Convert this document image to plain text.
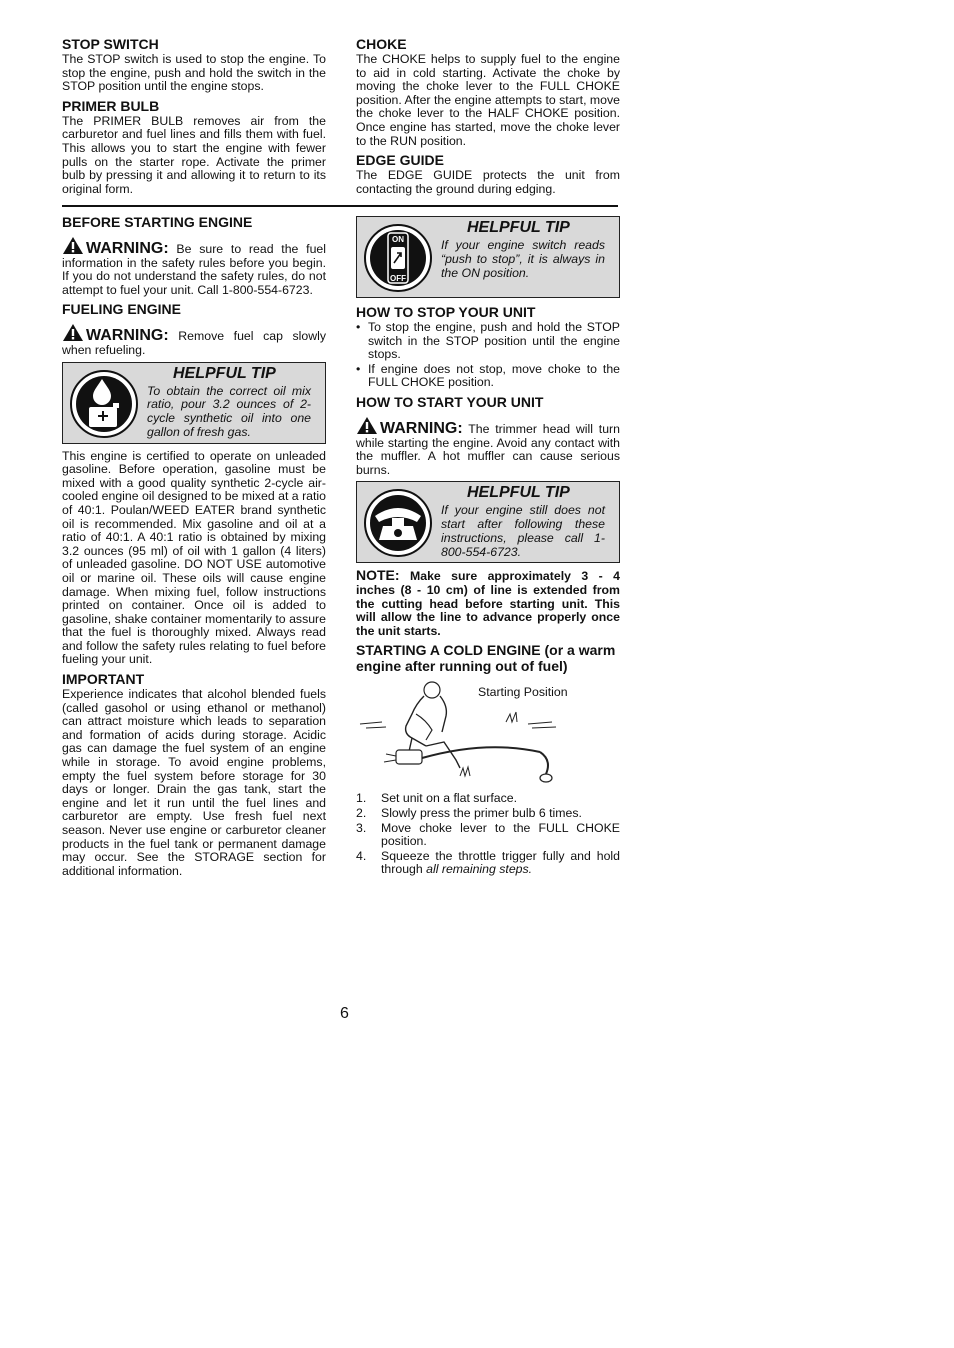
STOP SWITCH

The STOP switch is used to stop the engine. To stop the engine, push and hold the switch in the STOP position until the engine stops.

PRIMER BULB

The PRIMER BULB removes air from the carburetor and fuel lines and fills them with fuel. This allows you to start the engine with fewer pulls on the starter rope. Activate the primer bulb by pressing it and allowing it to return to its original form.

CHOKE

The CHOKE helps to supply fuel to the engine to aid in cold starting. Activate the choke by moving the choke lever to the FULL CHOKE position. After the engine attempts to start, move the choke lever to the HALF CHOKE position. Once engine has started, move the choke lever to the RUN position.

EDGE GUIDE

The EDGE GUIDE protects the unit from contacting the ground during edging.

BEFORE STARTING ENGINE

WARNING: Be sure to read the fuel information in the safety rules before you begin. If you do not understand the safety rules, do not attempt to fuel your unit. Call 1-800-554-6723.

FUELING ENGINE

WARNING: Remove fuel cap slowly when refueling.

HELPFUL TIP
To obtain the correct oil mix ratio, pour 3.2 ounces of 2-cycle synthetic oil into one gallon of fresh gas.

This engine is certified to operate on unleaded gasoline. Before operation, gasoline must be mixed with a good quality synthetic 2-cycle air-cooled engine oil designed to be mixed at a ratio of 40:1. Poulan/WEED EATER brand synthetic oil is recommended. Mix gasoline and oil at a ratio of 40:1. A 40:1 ratio is obtained by mixing 3.2 ounces (95 ml) of oil with 1 gallon (4 liters) of unleaded gasoline. DO NOT USE automotive oil or marine oil. These oils will cause engine damage. When mixing fuel, follow instructions printed on container. Once oil is added to gasoline, shake container momentarily to assure that the fuel is thoroughly mixed. Always read and follow the safety rules relating to fuel before fueling your unit.

IMPORTANT

Experience indicates that alcohol blended fuels (called gasohol or using ethanol or methanol) can attract moisture which leads to separation and formation of acids during storage. Acidic gas can damage the fuel system of an engine while in storage. To avoid engine problems, empty the fuel system before storage for 30 days or longer. Drain the gas tank, start the engine and let it run until the fuel lines and carburetor are empty. Use fresh fuel next season. Never use engine or carburetor cleaner products in the fuel tank or permanent damage may occur. See the STORAGE section for additional information.

ON
OFF
HELPFUL TIP
If your engine switch reads “push to stop”, it is always in the ON position.
HOW TO STOP YOUR UNIT
• To stop the engine, push and hold the STOP switch in the STOP position until the engine stops.
• If engine does not stop, move choke to the FULL CHOKE position.
HOW TO START YOUR UNIT

WARNING: The trimmer head will turn while starting the engine. Avoid any contact with the muffler. A hot muffler can cause serious burns.

HELPFUL TIP
If your engine still does not start after following these instructions, please call 1-800-554-6723.

NOTE: Make sure approximately 3 - 4 inches (8 - 10 cm) of line is extended from the cutting head before starting unit. This will allow the line to advance properly once the unit starts.

STARTING A COLD ENGINE (or a warm engine after running out of fuel)
Starting Position
1. Set unit on a flat surface.
2. Slowly press the primer bulb 6 times.
3. Move choke lever to the FULL CHOKE position.
4. Squeeze the throttle trigger fully and hold through all remaining steps.
6
